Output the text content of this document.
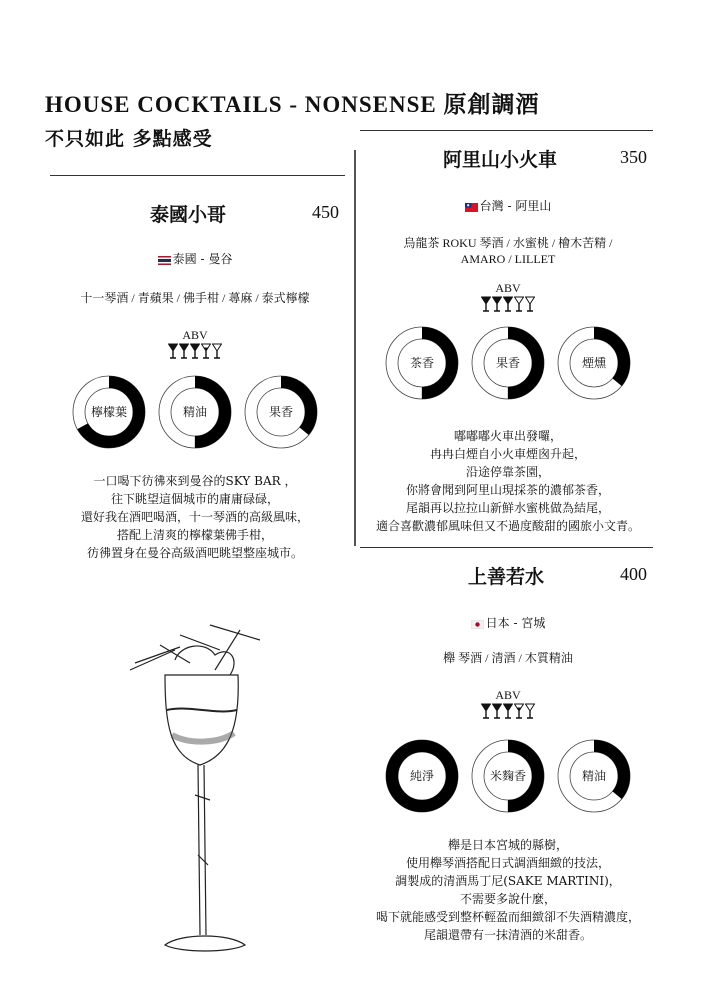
HOUSE COCKTAILS - NONSENSE 原創調酒
不只如此 多點感受
泰國小哥	450
泰國 - 曼谷
十一琴酒 / 青蘋果 / 佛手柑 / 蕁麻 / 泰式檸檬
ABV
檸檬葉	精油	果香
一口喝下彷彿來到曼谷的SKY BAR ，
往下眺望這個城市的庸庸碌碌，
還好我在酒吧喝酒，十一琴酒的高級風味，
搭配上清爽的檸檬葉佛手柑，
彷彿置身在曼谷高級酒吧眺望整座城市。
阿里山小火車	350
台灣 - 阿里山
烏龍茶 ROKU 琴酒 / 水蜜桃 / 檜木苦精 /
AMARO / LILLET
ABV
茶香	果香	煙燻
嘟嘟嘟火車出發囉，
冉冉白煙自小火車煙囪升起，
沿途停靠茶園，
你將會聞到阿里山現採茶的濃郁茶香，
尾韻再以拉拉山新鮮水蜜桃做為結尾，
適合喜歡濃郁風味但又不過度酸甜的國旅小文青。
上善若水	400
日本 - 宮城
櫸 琴酒 / 清酒 / 木質精油
ABV
純淨	米麴香	精油
櫸是日本宮城的縣樹，
使用櫸琴酒搭配日式調酒細緻的技法，
調製成的清酒馬丁尼(SAKE MARTINI)，
不需要多說什麼，
喝下就能感受到整杯輕盈而細緻卻不失酒精濃度，
尾韻還帶有一抹清酒的米甜香。
